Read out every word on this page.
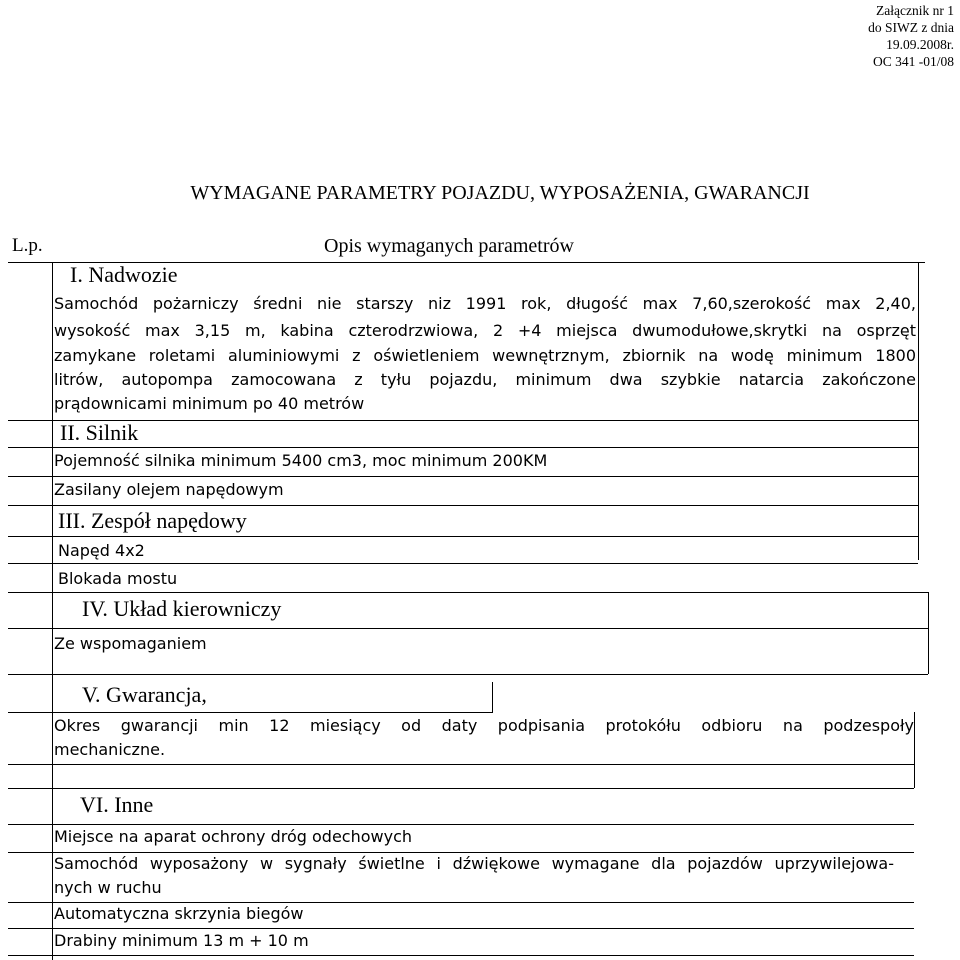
Załącznik nr 1
do SIWZ z dnia
19.09.2008r.
OC 341 -01/08
WYMAGANE PARAMETRY POJAZDU, WYPOSAŻENIA, GWARANCJI
L.p.	Opis wymaganych parametrów
I. Nadwozie
Samochód pożarniczy średni nie starszy niz 1991 rok, długość max 7,60,szerokość max 2,40,
wysokość max 3,15 m, kabina czterodrzwiowa, 2 +4 miejsca dwumodułowe,skrytki na osprzęt
zamykane roletami aluminiowymi z oświetleniem wewnętrznym, zbiornik na wodę minimum 1800
litrów, autopompa zamocowana z tyłu pojazdu, minimum dwa szybkie natarcia zakończone
prądownicami minimum po 40 metrów
II. Silnik
Pojemność silnika minimum 5400 cm3, moc minimum 200KM
Zasilany olejem napędowym
III. Zespół napędowy
Napęd 4x2
Blokada mostu
IV. Układ kierowniczy
Ze wspomaganiem
V. Gwarancja,
Okres gwarancji min 12 miesiący od daty podpisania protokółu odbioru na podzespoły
mechaniczne.
VI. Inne
Miejsce na aparat ochrony dróg odechowych
Samochód wyposażony w sygnały świetlne i dźwiękowe wymagane dla pojazdów uprzywilejowa-
nych w ruchu
Automatyczna skrzynia biegów
Drabiny minimum 13 m + 10 m
